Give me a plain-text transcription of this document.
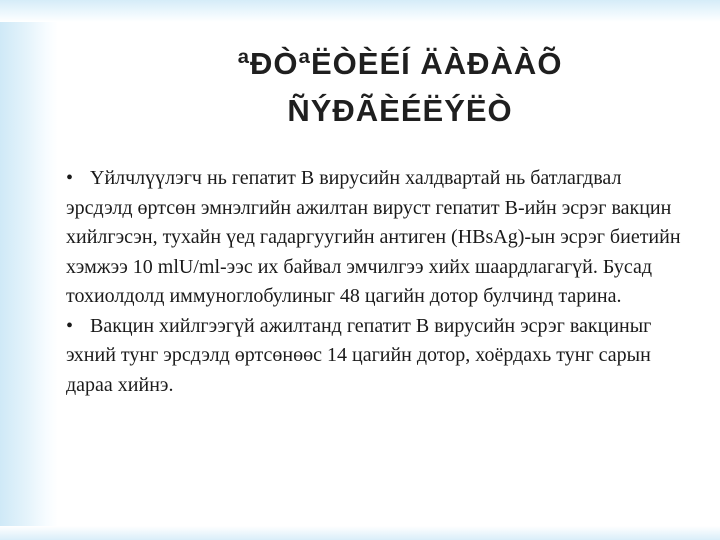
ªÐÒªËÒÈÉÍ ÄÀÐÀÀÕ
ÑÝÐÃÈÉËÝËÒ

• Үйлчлүүлэгч нь гепатит В вирусийн халдвартай нь батлагдвал эрсдэлд өртсөн эмнэлгийн ажилтан вируст гепатит В-ийн эсрэг вакцин хийлгэсэн, тухайн үед гадаргуугийн антиген (HBsAg)-ын эсрэг биетийн хэмжээ 10 mlU/ml-ээс их байвал эмчилгээ хийх шаардлагагүй. Бусад тохиолдолд иммуноглобулиныг 48 цагийн дотор булчинд тарина.

• Вакцин хийлгээгүй ажилтанд гепатит В вирусийн эсрэг вакциныг эхний тунг эрсдэлд өртсөнөөс 14 цагийн дотор, хоёрдахь тунг сарын дараа хийнэ.
